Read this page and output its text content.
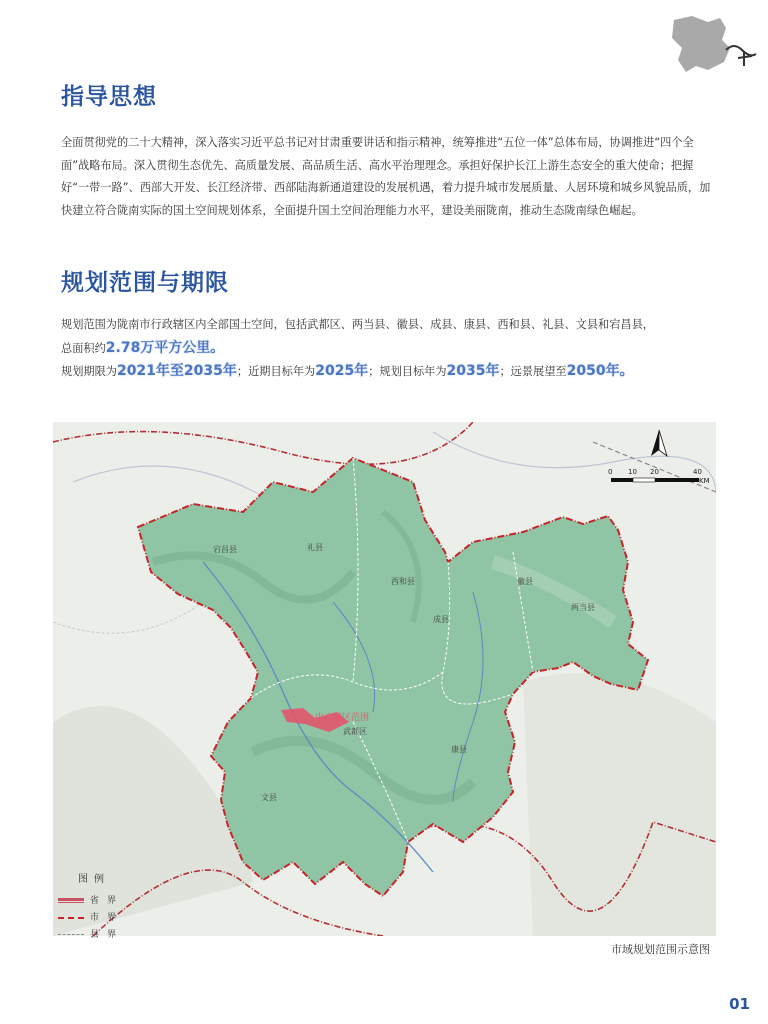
指导思想

全面贯彻党的二十大精神，深入落实习近平总书记对甘肃重要讲话和指示精神，统筹推进“五位一体”总体布局，协调推进“四个全面”战略布局。深入贯彻生态优先、高质量发展、高品质生活、高水平治理理念。承担好保护长江上游生态安全的重大使命；把握好“一带一路”、西部大开发、长江经济带、西部陆海新通道建设的发展机遇，着力提升城市发展质量、人居环境和城乡风貌品质，加快建立符合陇南实际的国土空间规划体系，全面提升国土空间治理能力水平，建设美丽陇南，推动生态陇南绿色崛起。

规划范围与期限
规划范围为陇南市行政辖区内全部国土空间，包括武都区、两当县、徽县、成县、康县、西和县、礼县、文县和宕昌县，
总面积约2.78万平方公里。
规划期限为2021年至2035年；近期目标年为2025年；规划目标年为2035年；远景展望至2050年。
0 10 20	40
KM
宕昌县	礼县
西和县	徽县
成县
两当县
中心城区范围
武都区
康县
文县
图例
省界
市界
县界
市域规划范围示意图
01
